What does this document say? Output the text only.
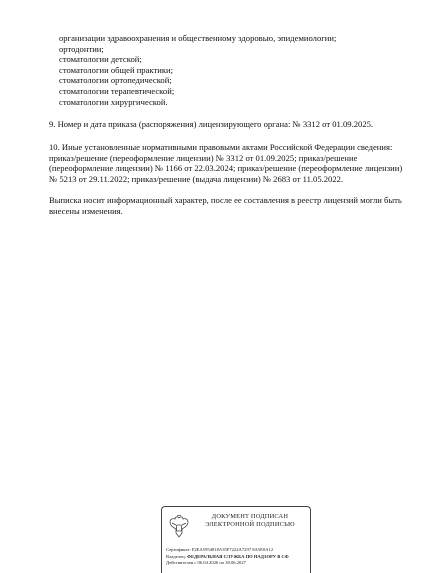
организации здравоохранения и общественному здоровью, эпидемиологии;
ортодонтии;
стоматологии детской;
стоматологии общей практики;
стоматологии ортопедической;
стоматологии терапевтической;
стоматологии хирургической.
9. Номер и дата приказа (распоряжения) лицензирующего органа: № 3312 от 01.09.2025.
10. Иные установленные нормативными правовыми актами Российской Федерации сведения:
приказ/решение (переоформление лицензии) № 3312 от 01.09.2025; приказ/решение
(переоформление лицензии) № 1166 от 22.03.2024; приказ/решение (переоформление лицензии)
№ 5213 от 29.11.2022; приказ/решение (выдача лицензии) № 2683 от 11.05.2022.
Выписка носит информационный характер, после ее составления в реестр лицензий могли быть
внесены изменения.
ДОКУМЕНТ ПОДПИСАН
ЭЛЕКТРОННОЙ ПОДПИСЬЮ
Сертификат: F2EA5954818A35F7222A7297 8A5E0A12
Владелец: ФЕДЕРАЛЬНАЯ СЛУЖБА ПО НАДЗОРУ В СФ
Действителен с 06.04.2026 по 30.06.2027
